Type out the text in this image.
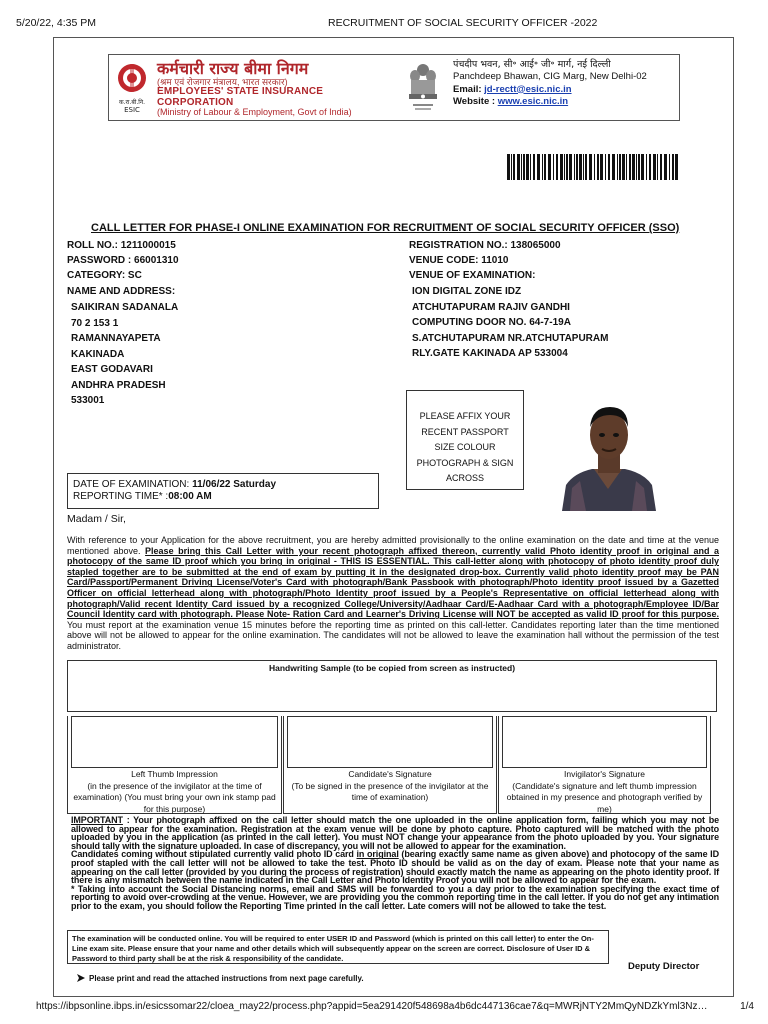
5/20/22, 4:35 PM	RECRUITMENT OF SOCIAL SECURITY OFFICER -2022
क.रा.बी.नि.
ESIC
कर्मचारी राज्य बीमा निगम
(श्रम एवं रोजगार मंत्रालय, भारत सरकार)
EMPLOYEES' STATE INSURANCE CORPORATION
(Ministry of Labour & Employment, Govt of India)
पंचदीप भवन, सी॰ आई॰ जी॰ मार्ग, नई दिल्ली
Panchdeep Bhawan, CIG Marg, New Delhi-02
Email: jd-rectt@esic.nic.in
Website : www.esic.nic.in
CALL LETTER FOR PHASE-I ONLINE EXAMINATION FOR RECRUITMENT OF SOCIAL SECURITY OFFICER (SSO)
ROLL NO.: 1211000015
PASSWORD : 66001310
CATEGORY: SC
NAME AND ADDRESS:
SAIKIRAN SADANALA
70 2 153 1
RAMANNAYAPETA
KAKINADA
EAST GODAVARI
ANDHRA PRADESH
533001
REGISTRATION NO.: 138065000
VENUE CODE: 11010
VENUE OF EXAMINATION:
ION DIGITAL ZONE IDZ
ATCHUTAPURAM RAJIV GANDHI
COMPUTING DOOR NO. 64-7-19A
S.ATCHUTAPURAM NR.ATCHUTAPURAM
RLY.GATE KAKINADA AP 533004
PLEASE AFFIX YOUR
RECENT PASSPORT
SIZE COLOUR
PHOTOGRAPH & SIGN
ACROSS
DATE OF EXAMINATION: 11/06/22 Saturday
REPORTING TIME* :08:00 AM
Madam / Sir,
With reference to your Application for the above recruitment, you are hereby admitted provisionally to the online examination on the date and time at the venue mentioned above. Please bring this Call Letter with your recent photograph affixed thereon, currently valid Photo identity proof in original and a photocopy of the same ID proof which you bring in original - THIS IS ESSENTIAL. This call-letter along with photocopy of photo identity proof duly stapled together are to be submitted at the end of exam by putting it in the designated drop-box. Currently valid photo identity proof may be PAN Card/Passport/Permanent Driving License/Voter's Card with photograph/Bank Passbook with photograph/Photo identity proof issued by a Gazetted Officer on official letterhead along with photograph/Photo Identity proof issued by a People's Representative on official letterhead along with photograph/Valid recent Identity Card issued by a recognized College/University/Aadhaar Card/E-Aadhaar Card with a photograph/Employee ID/Bar Council Identity card with photograph. Please Note- Ration Card and Learner's Driving License will NOT be accepted as valid ID proof for this purpose. You must report at the examination venue 15 minutes before the reporting time as printed on this call-letter. Candidates reporting later than the time mentioned above will not be allowed to appear for the online examination. The candidates will not be allowed to leave the examination hall without the permission of the test administrator.
Handwriting Sample (to be copied from screen as instructed)
Left Thumb Impression
(in the presence of the invigilator at the time of examination) (You must bring your own ink stamp pad for this purpose)
Candidate's Signature
(To be signed in the presence of the invigilator at the time of examination)
Invigilator's Signature
(Candidate's signature and left thumb impression obtained in my presence and photograph verified by me)
IMPORTANT : Your photograph affixed on the call letter should match the one uploaded in the online application form, failing which you may not be allowed to appear for the examination. Registration at the exam venue will be done by photo capture. Photo captured will be matched with the photo uploaded by you in the application (as printed in the call letter). You must NOT change your appearance from the photo uploaded by you. Your signature should tally with the signature uploaded. In case of discrepancy, you will not be allowed to appear for the examination.
Candidates coming without stipulated currently valid photo ID card in original (bearing exactly same name as given above) and photocopy of the same ID proof stapled with the call letter will not be allowed to take the test. Photo ID should be valid as on the day of exam. Please note that your name as appearing on the call letter (provided by you during the process of registration) should exactly match the name as appearing on the photo identity proof. If there is any mismatch between the name indicated in the Call Letter and Photo Identity Proof you will not be allowed to appear for the exam.
* Taking into account the Social Distancing norms, email and SMS will be forwarded to you a day prior to the examination specifying the exact time of reporting to avoid over-crowding at the venue. However, we are providing you the common reporting time in the call letter. If you do not get any intimation prior to the exam, you should follow the Reporting Time printed in the call letter. Late comers will not be allowed to take the test.
The examination will be conducted online. You will be required to enter USER ID and Password (which is printed on this call letter) to enter the On-Line exam site. Please ensure that your name and other details which will subsequently appear on the screen are correct. Disclosure of User ID & Password to third party shall be at the risk & responsibility of the candidate.
Deputy Director
Please print and read the attached instructions from next page carefully.
https://ibpsonline.ibps.in/esicssomar22/cloea_may22/process.php?appid=5ea291420f548698a4b6dc447136cae7&q=MWRjNTY2MmQyNDZkYml3Nz…	1/4
